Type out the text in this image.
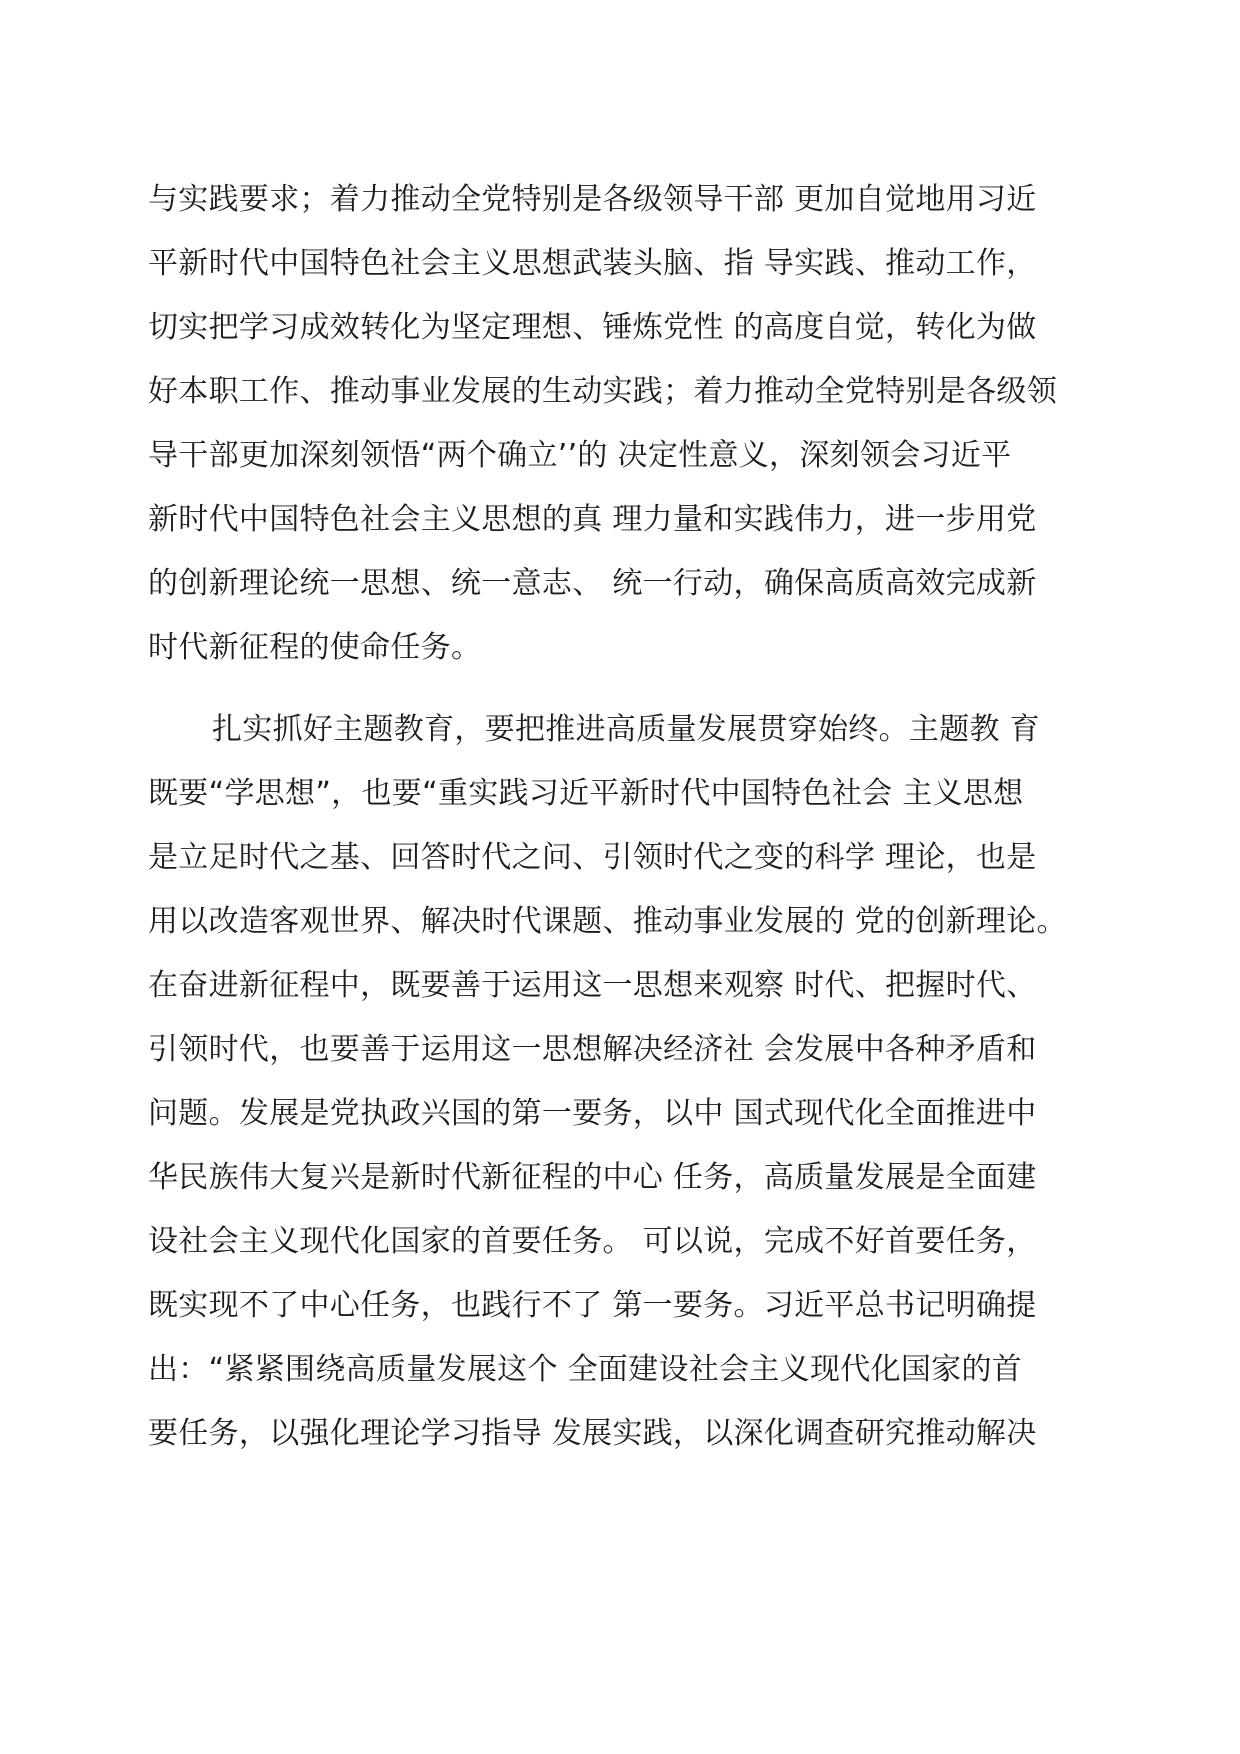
与实践要求；着力推动全党特别是各级领导干部 更加自觉地用习近
平新时代中国特色社会主义思想武装头脑、指 导实践、推动工作，
切实把学习成效转化为坚定理想、锤炼党性 的高度自觉，转化为做
好本职工作、推动事业发展的生动实践；着力推动全党特别是各级领
导干部更加深刻领悟“两个确立’’的 决定性意义，深刻领会习近平
新时代中国特色社会主义思想的真 理力量和实践伟力，进一步用党
的创新理论统一思想、统一意志、 统一行动，确保高质高效完成新
时代新征程的使命任务。
扎实抓好主题教育，要把推进高质量发展贯穿始终。主题教 育
既要“学思想”，也要“重实践习近平新时代中国特色社会 主义思想
是立足时代之基、回答时代之问、引领时代之变的科学 理论，也是
用以改造客观世界、解决时代课题、推动事业发展的 党的创新理论。
在奋进新征程中，既要善于运用这一思想来观察 时代、把握时代、
引领时代，也要善于运用这一思想解决经济社 会发展中各种矛盾和
问题。发展是党执政兴国的第一要务，以中 国式现代化全面推进中
华民族伟大复兴是新时代新征程的中心 任务，高质量发展是全面建
设社会主义现代化国家的首要任务。 可以说，完成不好首要任务，
既实现不了中心任务，也践行不了 第一要务。习近平总书记明确提
出：“紧紧围绕高质量发展这个 全面建设社会主义现代化国家的首
要任务，以强化理论学习指导 发展实践，以深化调查研究推动解决
